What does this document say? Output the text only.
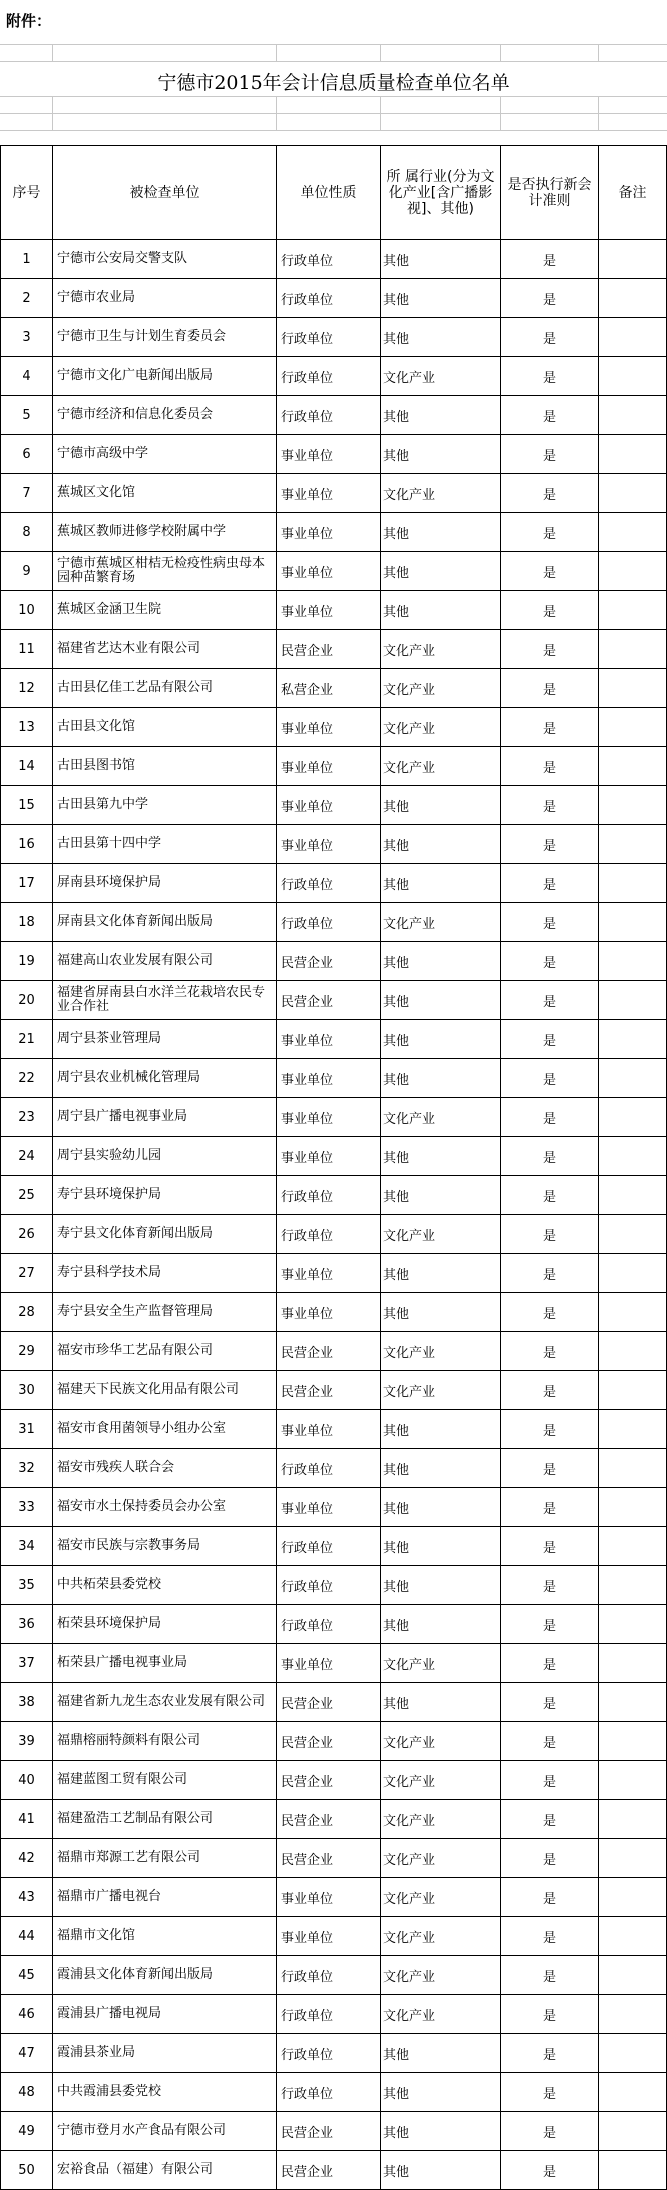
附件：
宁德市2015年会计信息质量检查单位名单
序号	被检查单位	单位性质	所 属行业(分为文化产业[含广播影视]、其他)	是否执行新会计准则	备注
1	宁德市公安局交警支队	行政单位	其他	是	
2	宁德市农业局	行政单位	其他	是	
3	宁德市卫生与计划生育委员会	行政单位	其他	是	
4	宁德市文化广电新闻出版局	行政单位	文化产业	是	
5	宁德市经济和信息化委员会	行政单位	其他	是	
6	宁德市高级中学	事业单位	其他	是	
7	蕉城区文化馆	事业单位	文化产业	是	
8	蕉城区教师进修学校附属中学	事业单位	其他	是	
9	宁德市蕉城区柑桔无检疫性病虫母本园种苗繁育场	事业单位	其他	是	
10	蕉城区金涵卫生院	事业单位	其他	是	
11	福建省艺达木业有限公司	民营企业	文化产业	是	
12	古田县亿佳工艺品有限公司	私营企业	文化产业	是	
13	古田县文化馆	事业单位	文化产业	是	
14	古田县图书馆	事业单位	文化产业	是	
15	古田县第九中学	事业单位	其他	是	
16	古田县第十四中学	事业单位	其他	是	
17	屏南县环境保护局	行政单位	其他	是	
18	屏南县文化体育新闻出版局	行政单位	文化产业	是	
19	福建高山农业发展有限公司	民营企业	其他	是	
20	福建省屏南县白水洋兰花栽培农民专业合作社	民营企业	其他	是	
21	周宁县茶业管理局	事业单位	其他	是	
22	周宁县农业机械化管理局	事业单位	其他	是	
23	周宁县广播电视事业局	事业单位	文化产业	是	
24	周宁县实验幼儿园	事业单位	其他	是	
25	寿宁县环境保护局	行政单位	其他	是	
26	寿宁县文化体育新闻出版局	行政单位	文化产业	是	
27	寿宁县科学技术局	事业单位	其他	是	
28	寿宁县安全生产监督管理局	事业单位	其他	是	
29	福安市珍华工艺品有限公司	民营企业	文化产业	是	
30	福建天下民族文化用品有限公司	民营企业	文化产业	是	
31	福安市食用菌领导小组办公室	事业单位	其他	是	
32	福安市残疾人联合会	行政单位	其他	是	
33	福安市水土保持委员会办公室	事业单位	其他	是	
34	福安市民族与宗教事务局	行政单位	其他	是	
35	中共柘荣县委党校	行政单位	其他	是	
36	柘荣县环境保护局	行政单位	其他	是	
37	柘荣县广播电视事业局	事业单位	文化产业	是	
38	福建省新九龙生态农业发展有限公司	民营企业	其他	是	
39	福鼎榕丽特颜料有限公司	民营企业	文化产业	是	
40	福建蓝图工贸有限公司	民营企业	文化产业	是	
41	福建盈浩工艺制品有限公司	民营企业	文化产业	是	
42	福鼎市郑源工艺有限公司	民营企业	文化产业	是	
43	福鼎市广播电视台	事业单位	文化产业	是	
44	福鼎市文化馆	事业单位	文化产业	是	
45	霞浦县文化体育新闻出版局	行政单位	文化产业	是	
46	霞浦县广播电视局	行政单位	文化产业	是	
47	霞浦县茶业局	行政单位	其他	是	
48	中共霞浦县委党校	行政单位	其他	是	
49	宁德市登月水产食品有限公司	民营企业	其他	是	
50	宏裕食品（福建）有限公司	民营企业	其他	是	
